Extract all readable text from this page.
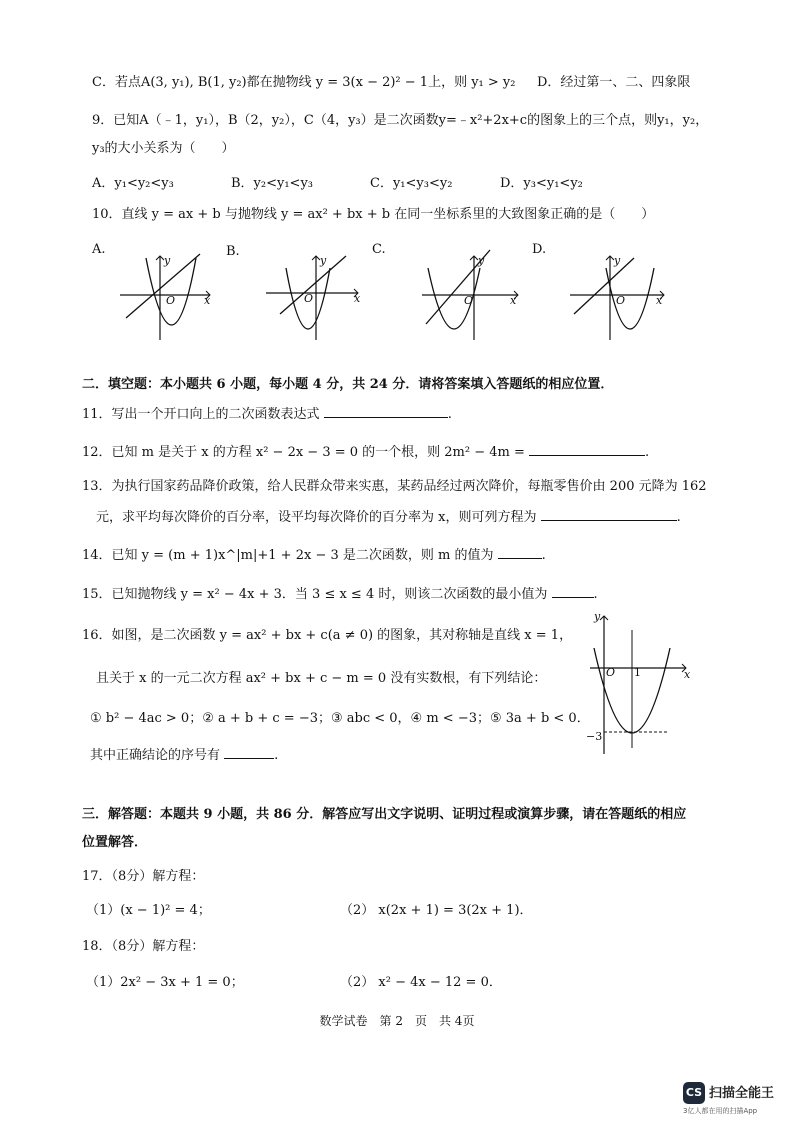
C．若点A(3, y₁), B(1, y₂)都在抛物线 y = 3(x − 2)² − 1上，则 y₁ > y₂ D．经过第一、二、四象限
9．已知A（﹣1，y₁），B（2，y₂），C（4，y₃）是二次函数y=﹣x²+2x+c的图象上的三个点，则y₁，y₂，
y₃的大小关系为（　　）
A．y₁<y₂<y₃	B．y₂<y₁<y₃	C．y₁<y₃<y₂	D．y₃<y₁<y₂
10．直线 y = ax + b 与抛物线 y = ax² + bx + b 在同一坐标系里的大致图象正确的是（　　）
A.
y
x
O
B.
y
x
O
C.
y
x
O
D.
y
x
O
二．填空题：本小题共 6 小题，每小题 4 分，共 24 分．请将答案填入答题纸的相应位置．
11．写出一个开口向上的二次函数表达式	.
12．已知 m 是关于 x 的方程 x² − 2x − 3 = 0 的一个根，则 2m² − 4m =	.
13．为执行国家药品降价政策，给人民群众带来实惠，某药品经过两次降价，每瓶零售价由 200 元降为 162
元，求平均每次降价的百分率，设平均每次降价的百分率为 x，则可列方程为	.
14．已知 y = (m + 1)x^|m|+1 + 2x − 3 是二次函数，则 m 的值为	.
15．已知抛物线 y = x² − 4x + 3．当 3 ≤ x ≤ 4 时，则该二次函数的最小值为	.
16．如图，是二次函数 y = ax² + bx + c(a ≠ 0) 的图象，其对称轴是直线 x = 1，
且关于 x 的一元二次方程 ax² + bx + c − m = 0 没有实数根，有下列结论：
① b² − 4ac > 0；② a + b + c = −3；③ abc < 0，④ m < −3；⑤ 3a + b < 0．
其中正确结论的序号有	.
y
x
O 1
−3
三．解答题：本题共 9 小题，共 86 分．解答应写出文字说明、证明过程或演算步骤，请在答题纸的相应
位置解答．
17．（8分）解方程：
（1）(x − 1)² = 4；	（2） x(2x + 1) = 3(2x + 1)．
18．（8分）解方程：
（1）2x² − 3x + 1 = 0；	（2） x² − 4x − 12 = 0．
数学试卷　第 2　页　共 4页
CS 扫描全能王
3亿人都在用的扫描App
